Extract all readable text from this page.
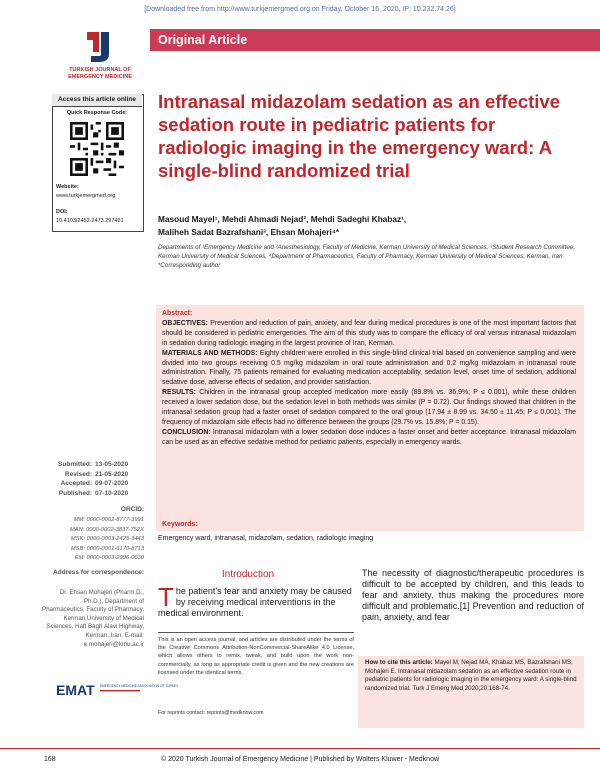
[Downloaded free from http://www.turkjemergmed.org on Friday, October 16, 2020, IP: 10.232.74.26]
TURKISH JOURNAL OF
EMERGENCY MEDICINE
Original Article
Access this article online
Quick Response Code:
Website:
www.turkjemergmed.org
DOI:
10.4103/2452-2473.297461
Intranasal midazolam sedation as an effective sedation route in pediatric patients for radiologic imaging in the emergency ward: A single-blind randomized trial
Masoud Mayel¹, Mehdi Ahmadi Nejad², Mehdi Sadeghi Khabaz¹,
Maliheh Sadat Bazrafshani³, Ehsan Mohajeri⁴*
Departments of ¹Emergency Medicine and ²Anesthesiology, Faculty of Medicine, Kerman University of Medical Sciences, ³Student Research Committee, Kerman University of Medical Sciences, ⁴Department of Pharmaceutics, Faculty of Pharmacy, Kerman University of Medical Sciences, Kerman, Iran
*Corresponding author
Submitted: 13-05-2020
Revised: 21-05-2020
Accepted: 09-07-2020
Published: 07-10-2020
ORCID:
MM: 0000-0002-8777-3991
MAN: 0000-0002-3837-752X
MSK: 0000-0003-2425-3443
MSB: 0000-0001-6170-8713
EM: 0000-0003-2996-0630
Address for correspondence:
Dr. Ehsan Mohajeri (Pharm.D., Ph.D.), Department of Pharmaceutics, Faculty of Pharmacy, Kerman University of Medical Sciences, Haft Bagh Alavi Highway, Kerman, Iran. E-mail: e.mohajeri@kmu.ac.ir
EMAT EMERGENCY MEDICINE ASSOCIATION OF TURKEY

Abstract:

OBJECTIVES: Prevention and reduction of pain, anxiety, and fear during medical procedures is one of the most important factors that should be considered in pediatric emergencies. The aim of this study was to compare the efficacy of oral versus intranasal midazolam in sedation during radiologic imaging in the largest province of Iran, Kerman.

MATERIALS AND METHODS: Eighty children were enrolled in this single-blind clinical trial based on convenience sampling and were divided into two groups receiving 0.5 mg/kg midazolam in oral route administration and 0.2 mg/kg midazolam in intranasal route administration. Finally, 75 patients remained for evaluating medication acceptability, sedation level, onset time of sedation, additional sedative dose, adverse effects of sedation, and provider satisfaction.

RESULTS: Children in the intranasal group accepted medication more easily (89.8% vs. 36.9%; P ≤ 0.001), while these children received a lower sedation dose, but the sedation level in both methods was similar (P = 0.72). Our findings showed that children in the intranasal sedation group had a faster onset of sedation compared to the oral group (17.94 ± 8.99 vs. 34.50 ± 11.45; P ≤ 0.001). The frequency of midazolam side effects had no difference between the groups (29.7% vs. 15.8%; P = 0.15).

CONCLUSION: Intranasal midazolam with a lower sedation dose induces a faster onset and better acceptance. Intranasal midazolam can be used as an effective sedative method for pediatric patients, especially in emergency wards.

Keywords:
Emergency ward, intranasal, midazolam, sedation, radiologic imaging
Introduction
The patient's fear and anxiety may be caused by receiving medical interventions in the medical environment.
This is an open access journal, and articles are distributed under the terms of the Creative Commons Attribution-NonCommercial-ShareAlike 4.0 License, which allows others to remix, tweak, and build upon the work non-commercially, as long as appropriate credit is given and the new creations are licensed under the identical terms.
For reprints contact: reprints@medknow.com
The necessity of diagnostic/therapeutic procedures is difficult to be accepted by children, and this leads to fear and anxiety, thus making the procedures more difficult and problematic.[1] Prevention and reduction of pain, anxiety, and fear
How to cite this article: Mayel M, Nejad MA, Khabaz MS, Bazrafshani MS, Mohajeri E. Intranasal midazolam sedation as an effective sedation route in pediatric patients for radiologic imaging in the emergency ward: A single-blind randomized trial. Turk J Emerg Med 2020;20:168-74.
168	© 2020 Turkish Journal of Emergency Medicine | Published by Wolters Kluwer - Medknow
